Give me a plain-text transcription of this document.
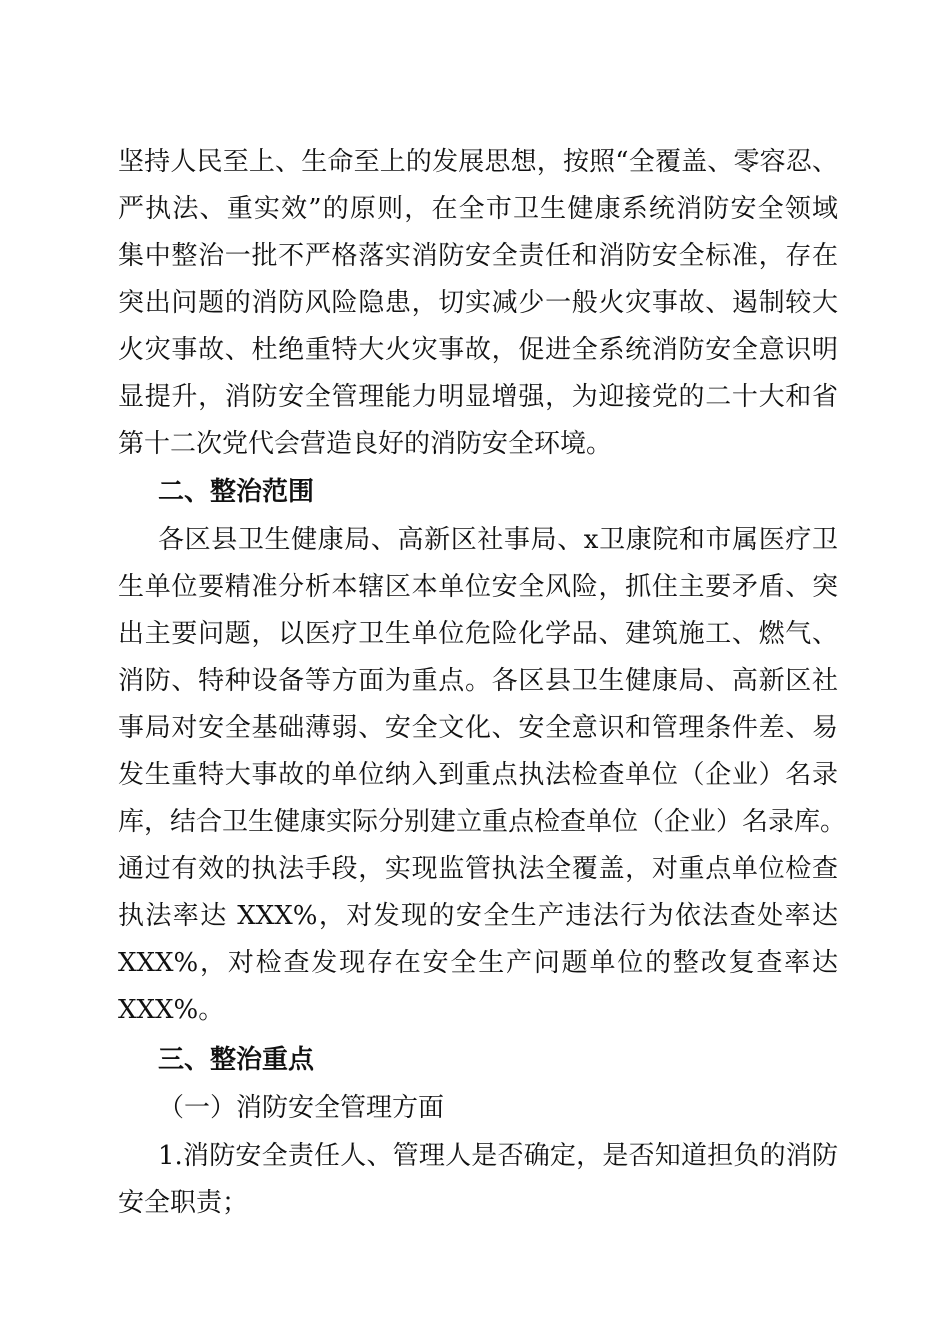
坚持人民至上、生命至上的发展思想，按照“全覆盖、零容忍、
严执法、重实效”的原则，在全市卫生健康系统消防安全领域
集中整治一批不严格落实消防安全责任和消防安全标准，存在
突出问题的消防风险隐患，切实减少一般火灾事故、遏制较大
火灾事故、杜绝重特大火灾事故，促进全系统消防安全意识明
显提升，消防安全管理能力明显增强，为迎接党的二十大和省
第十二次党代会营造良好的消防安全环境。
二、整治范围
各区县卫生健康局、高新区社事局、x卫康院和市属医疗卫
生单位要精准分析本辖区本单位安全风险，抓住主要矛盾、突
出主要问题，以医疗卫生单位危险化学品、建筑施工、燃气、
消防、特种设备等方面为重点。各区县卫生健康局、高新区社
事局对安全基础薄弱、安全文化、安全意识和管理条件差、易
发生重特大事故的单位纳入到重点执法检查单位（企业）名录
库，结合卫生健康实际分别建立重点检查单位（企业）名录库。
通过有效的执法手段，实现监管执法全覆盖，对重点单位检查
执法率达 XXX%，对发现的安全生产违法行为依法查处率达
XXX%，对检查发现存在安全生产问题单位的整改复查率达
XXX%。
三、整治重点
（一）消防安全管理方面
1.消防安全责任人、管理人是否确定，是否知道担负的消防
安全职责；
